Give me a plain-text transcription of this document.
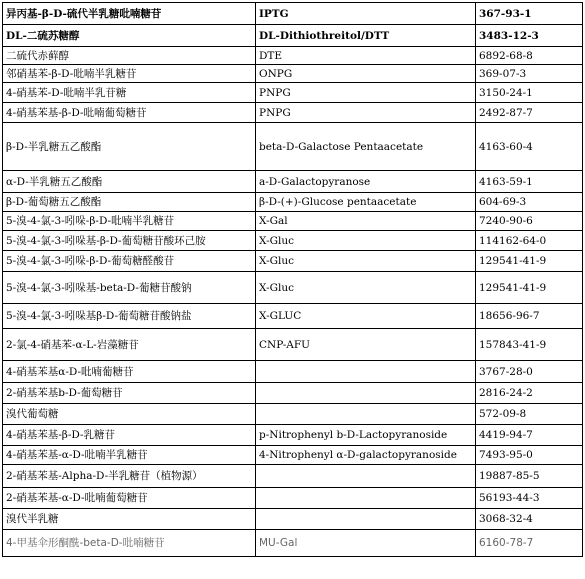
异丙基-β-D-硫代半乳糖吡喃糖苷	IPTG	367-93-1
DL-二硫苏糖醇	DL-Dithiothreitol/DTT	3483-12-3
二硫代赤藓醇	DTE	6892-68-8
邻硝基苯-β-D-吡喃半乳糖苷	ONPG	369-07-3
4-硝基苯-D-吡喃半乳苷糖	PNPG	3150-24-1
4-硝基苯基-β-D-吡喃葡萄糖苷	PNPG	2492-87-7
β-D-半乳糖五乙酸酯	beta-D-Galactose Pentaacetate	4163-60-4
α-D-半乳糖五乙酸酯	a-D-Galactopyranose	4163-59-1
β-D-葡萄糖五乙酸酯	β-D-(+)-Glucose pentaacetate	604-69-3
5-溴-4-氯-3-吲哚-β-D-吡喃半乳糖苷	X-Gal	7240-90-6
5-溴-4-氯-3-吲哚基-β-D-葡萄糖苷酸环己胺	X-Gluc	114162-64-0
5-溴-4-氯-3-吲哚-β-D-葡萄糖醛酸苷	X-Gluc	129541-41-9
5-溴-4-氯-3-吲哚基-beta-D-葡糖苷酸钠	X-Gluc	129541-41-9
5-溴-4-氯-3-吲哚基β-D-葡萄糖苷酸钠盐	X-GLUC	18656-96-7
2-氯-4-硝基苯-α-L-岩藻糖苷	CNP-AFU	157843-41-9
4-硝基苯基α-D-吡喃葡糖苷		3767-28-0
2-硝基苯基b-D-葡萄糖苷		2816-24-2
溴代葡萄糖		572-09-8
4-硝基苯基-β-D-乳糖苷	p-Nitrophenyl b-D-Lactopyranoside	4419-94-7
4-硝基苯基-α-D-吡喃半乳糖苷	4-Nitrophenyl α-D-galactopyranoside	7493-95-0
2-硝基苯基-Alpha-D-半乳糖苷（植物源）		19887-85-5
2-硝基苯基-α-D-吡喃葡萄糖苷		56193-44-3
溴代半乳糖		3068-32-4
4-甲基伞形酮酰-beta-D-吡喃糖苷	MU-Gal	6160-78-7
